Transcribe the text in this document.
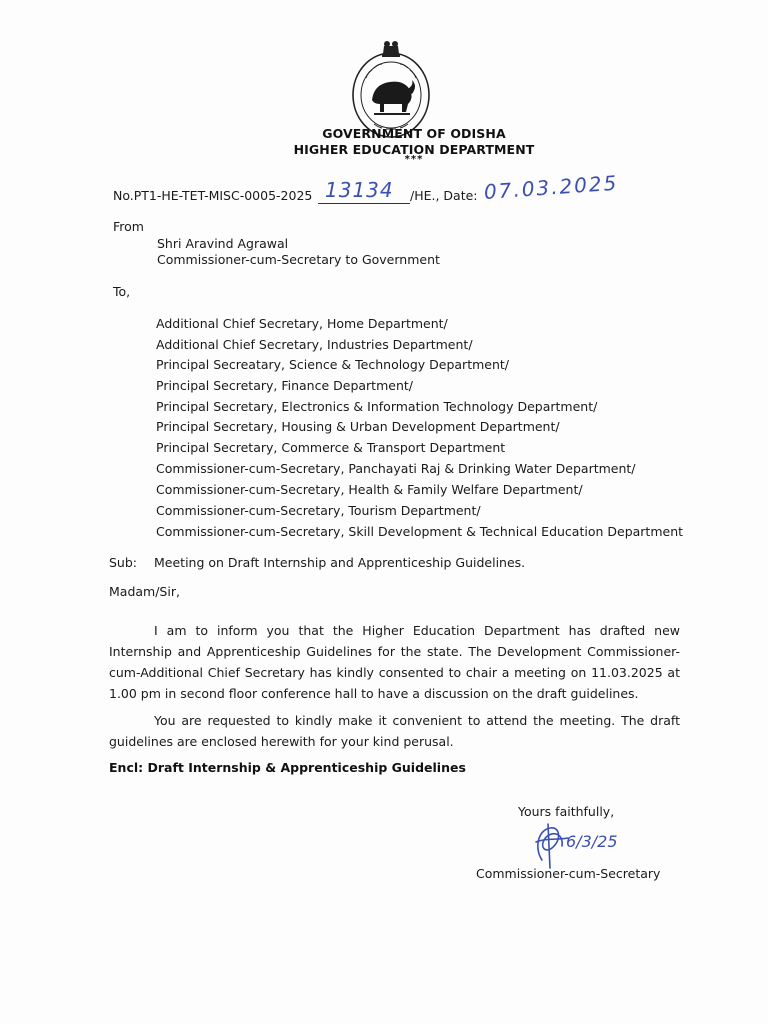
GOVERNMENT OF ODISHA
HIGHER EDUCATION DEPARTMENT
***
No.PT1-HE-TET-MISC-0005-2025 13134 /HE., Date: 07.03.2025
From
Shri Aravind Agrawal
Commissioner-cum-Secretary to Government
To,
Additional Chief Secretary, Home Department/
Additional Chief Secretary, Industries Department/
Principal Secreatary, Science & Technology Department/
Principal Secretary, Finance Department/
Principal Secretary, Electronics & Information Technology Department/
Principal Secretary, Housing & Urban Development Department/
Principal Secretary, Commerce & Transport Department
Commissioner-cum-Secretary, Panchayati Raj & Drinking Water Department/
Commissioner-cum-Secretary, Health & Family Welfare Department/
Commissioner-cum-Secretary, Tourism Department/
Commissioner-cum-Secretary, Skill Development & Technical Education Department
Sub: Meeting on Draft Internship and Apprenticeship Guidelines.
Madam/Sir,

I am to inform you that the Higher Education Department has drafted new Internship and Apprenticeship Guidelines for the state. The Development Commissioner-cum-Additional Chief Secretary has kindly consented to chair a meeting on 11.03.2025 at 1.00 pm in second floor conference hall to have a discussion on the draft guidelines.

You are requested to kindly make it convenient to attend the meeting. The draft guidelines are enclosed herewith for your kind perusal.

Encl: Draft Internship & Apprenticeship Guidelines
Yours faithfully,
6/3/25
Commissioner-cum-Secretary
